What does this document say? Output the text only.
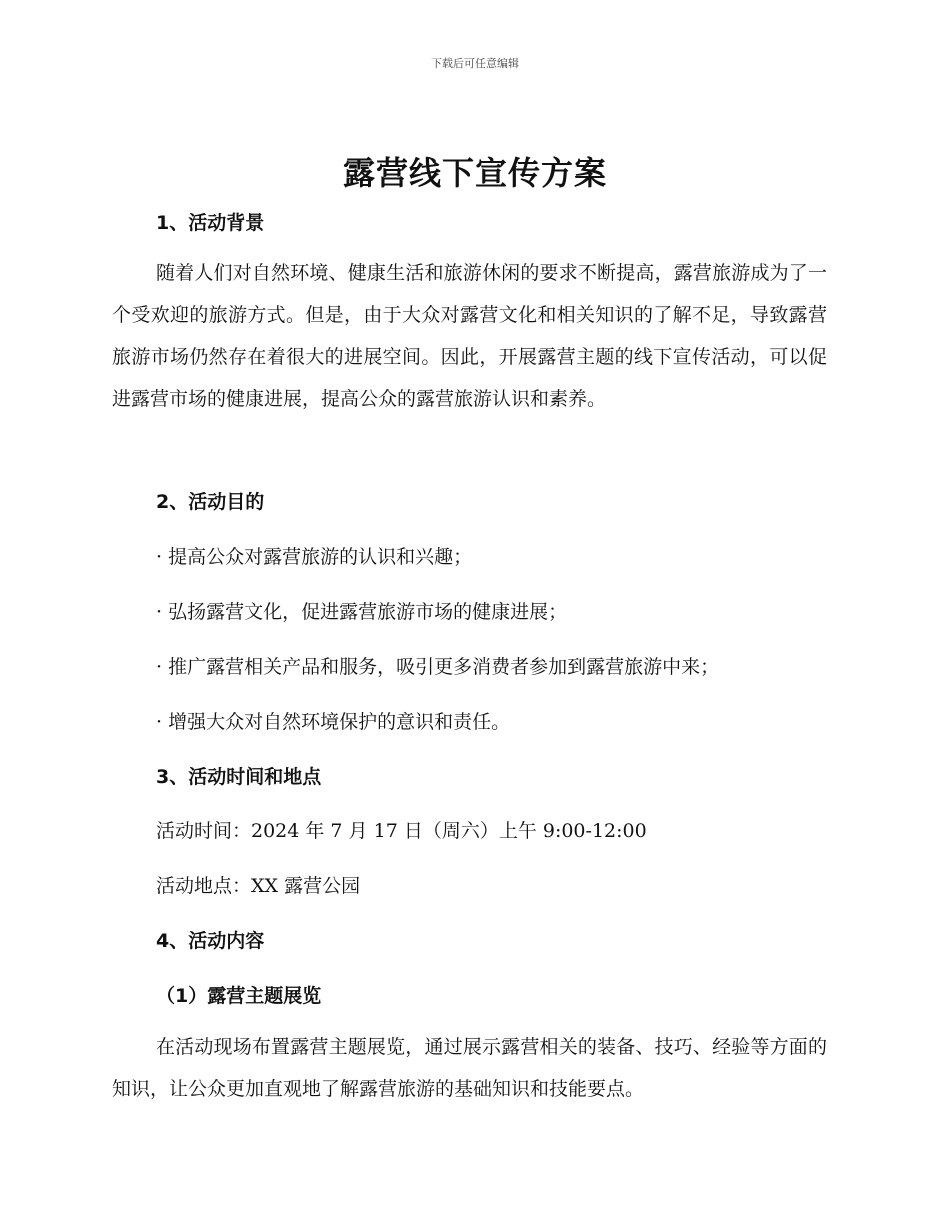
下载后可任意编辑
露营线下宣传方案
1、活动背景
随着人们对自然环境、健康生活和旅游休闲的要求不断提高，露营旅游成为了一个受欢迎的旅游方式。但是，由于大众对露营文化和相关知识的了解不足，导致露营旅游市场仍然存在着很大的进展空间。因此，开展露营主题的线下宣传活动，可以促进露营市场的健康进展，提高公众的露营旅游认识和素养。
2、活动目的
· 提高公众对露营旅游的认识和兴趣；
· 弘扬露营文化，促进露营旅游市场的健康进展；
· 推广露营相关产品和服务，吸引更多消费者参加到露营旅游中来；
· 增强大众对自然环境保护的意识和责任。
3、活动时间和地点
活动时间：2024 年 7 月 17 日（周六）上午 9:00-12:00
活动地点：XX 露营公园
4、活动内容
（1）露营主题展览
在活动现场布置露营主题展览，通过展示露营相关的装备、技巧、经验等方面的知识，让公众更加直观地了解露营旅游的基础知识和技能要点。
